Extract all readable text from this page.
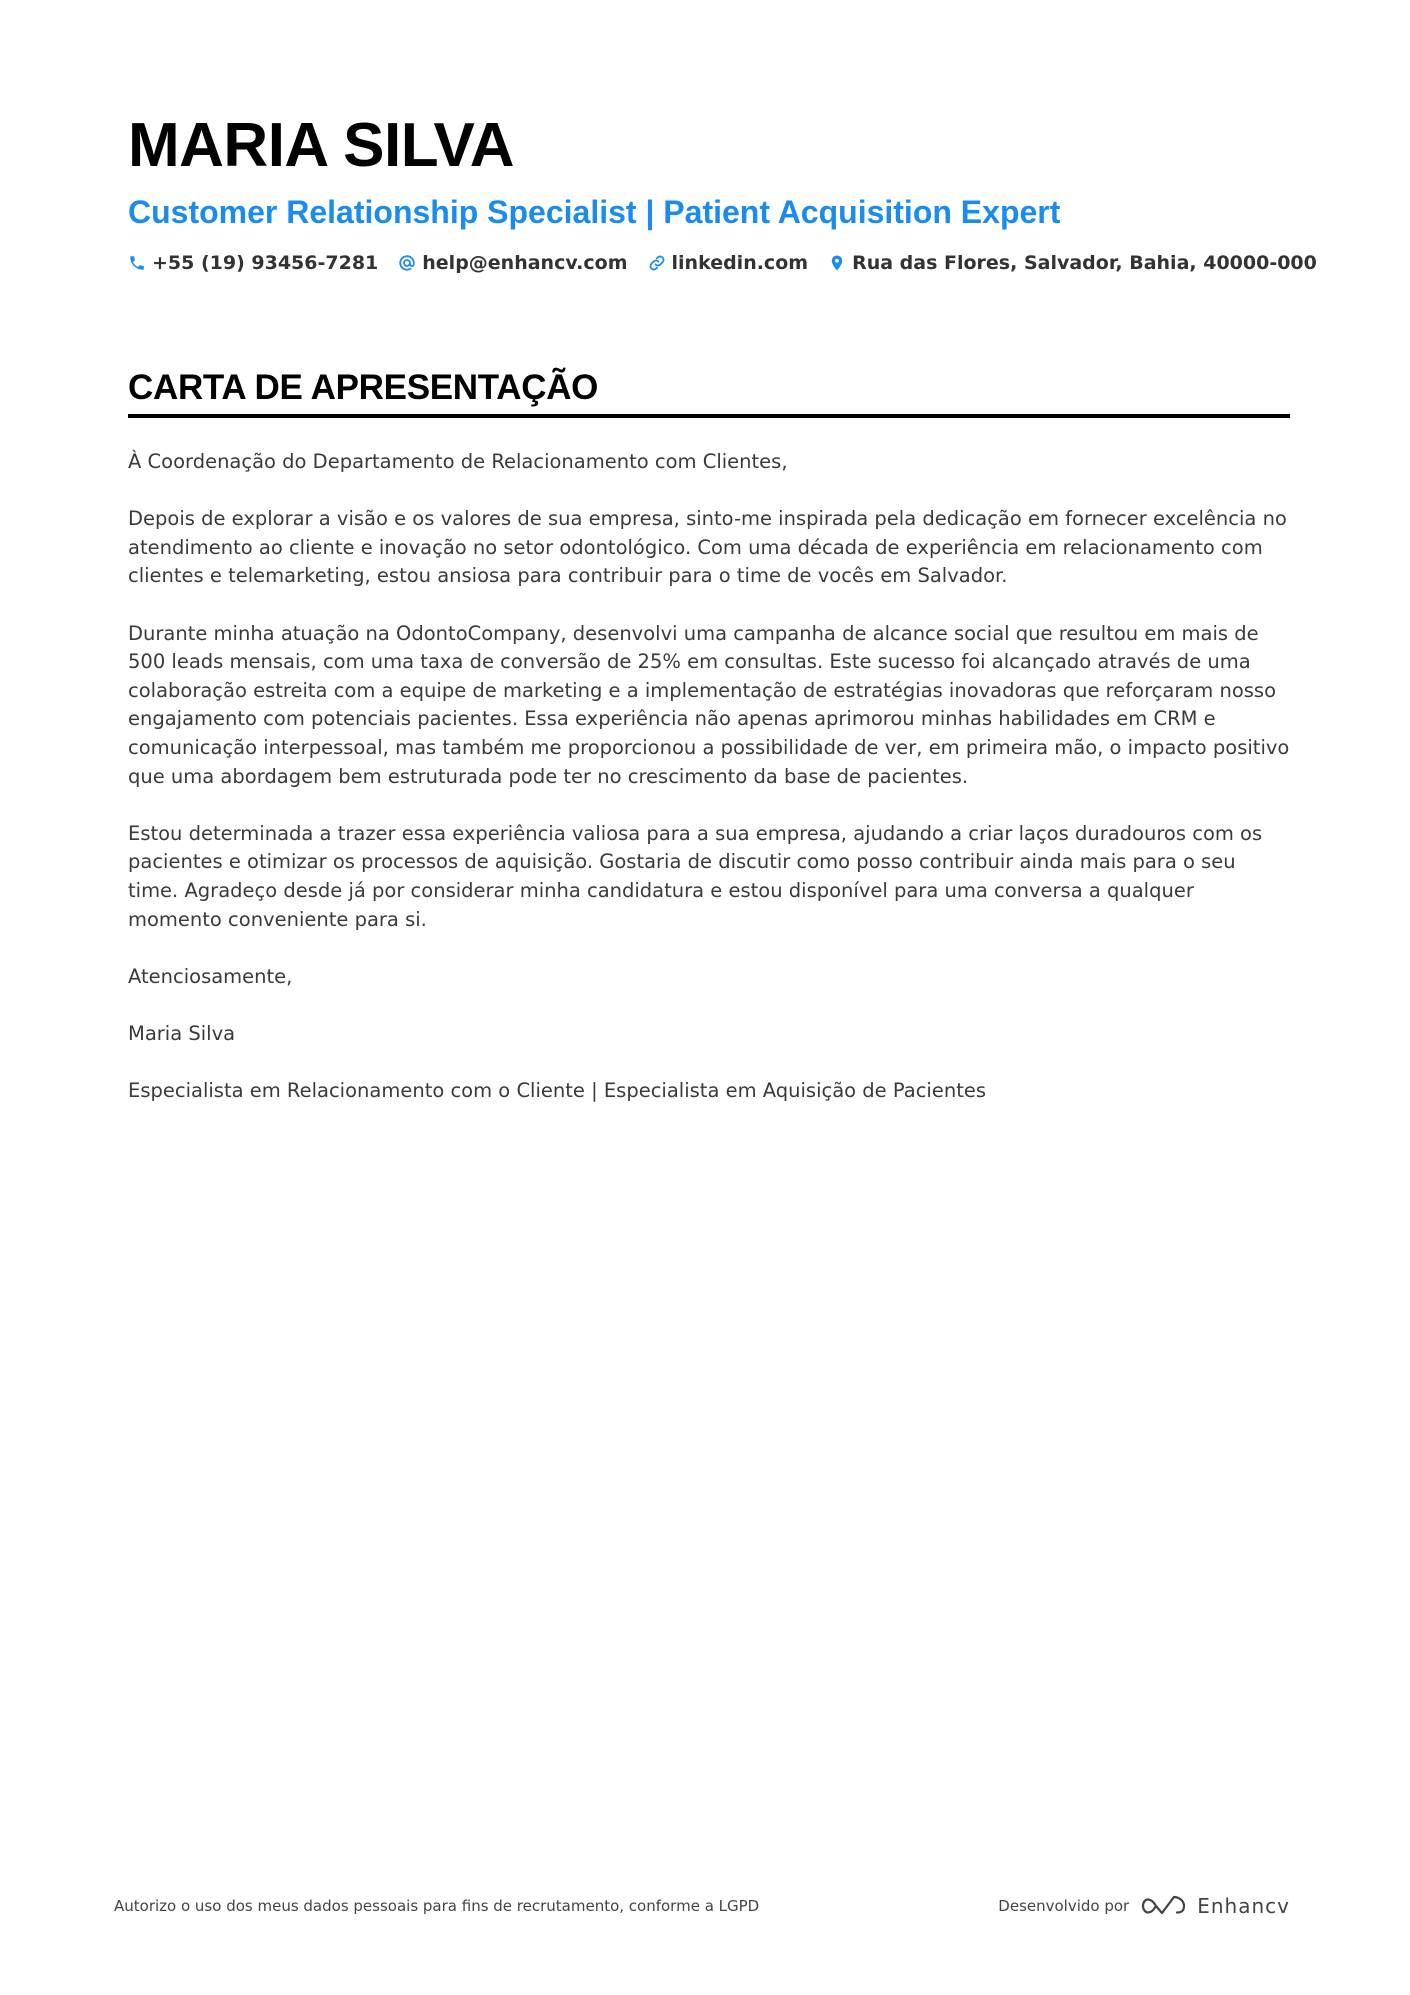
MARIA SILVA
Customer Relationship Specialist | Patient Acquisition Expert
+55 (19) 93456-7281 help@enhancv.com linkedin.com Rua das Flores, Salvador, Bahia, 40000-000
CARTA DE APRESENTAÇÃO

À Coordenação do Departamento de Relacionamento com Clientes,

Depois de explorar a visão e os valores de sua empresa, sinto-me inspirada pela dedicação em fornecer excelência no atendimento ao cliente e inovação no setor odontológico. Com uma década de experiência em relacionamento com clientes e telemarketing, estou ansiosa para contribuir para o time de vocês em Salvador.

Durante minha atuação na OdontoCompany, desenvolvi uma campanha de alcance social que resultou em mais de 500 leads mensais, com uma taxa de conversão de 25% em consultas. Este sucesso foi alcançado através de uma colaboração estreita com a equipe de marketing e a implementação de estratégias inovadoras que reforçaram nosso engajamento com potenciais pacientes. Essa experiência não apenas aprimorou minhas habilidades em CRM e comunicação interpessoal, mas também me proporcionou a possibilidade de ver, em primeira mão, o impacto positivo que uma abordagem bem estruturada pode ter no crescimento da base de pacientes.

Estou determinada a trazer essa experiência valiosa para a sua empresa, ajudando a criar laços duradouros com os pacientes e otimizar os processos de aquisição. Gostaria de discutir como posso contribuir ainda mais para o seu time. Agradeço desde já por considerar minha candidatura e estou disponível para uma conversa a qualquer momento conveniente para si.

Atenciosamente,

Maria Silva

Especialista em Relacionamento com o Cliente | Especialista em Aquisição de Pacientes

Autorizo o uso dos meus dados pessoais para fins de recrutamento, conforme a LGPD	Desenvolvido por	Enhancv
